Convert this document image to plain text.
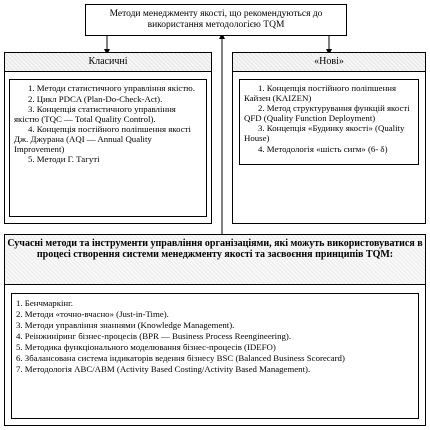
Методи менеджменту якості, що рекомендуються до використання методологією TQM
Класичні
1. Методи статистичного управління якістю.
2. Цикл PDCA (Plan-Do-Check-Act).
3. Концепція статистичного управління якістю (TQC — Total Quality Control).
4. Концепція постійного поліпшення якості Дж. Джурана (AQI — Annual Quality Improvement)
5. Методи Г. Тагуті
«Нові»
1. Концепція постійного поліпшення Кайзен (KAIZEN)
2. Метод структурування функцій якості QFD (Quality Function Deployment)
3. Концепція «Будинку якості» (Quality House)
4. Методологія «шість сигм» (6- δ)
Сучасні методи та інструменти управління організаціями, які можуть використовуватися в процесі створення системи менеджменту якості та засвоєння принципів TQM:
1. Бенчмаркінг.
2. Методи «точно-вчасно» (Just-in-Time).
3. Методи управління знаннями (Knowledge Management).
4. Реінжиніринг бізнес-процесів (BPR — Business Process Reengineering).
5. Методика функціонального моделювання бізнес-процесів (IDEFO)
6. Збалансована система індикаторів ведення бізнесу BSC (Balanced Business Scorecard)
7. Методологія ABC/ABM (Activity Based Costing/Activity Based Management).
